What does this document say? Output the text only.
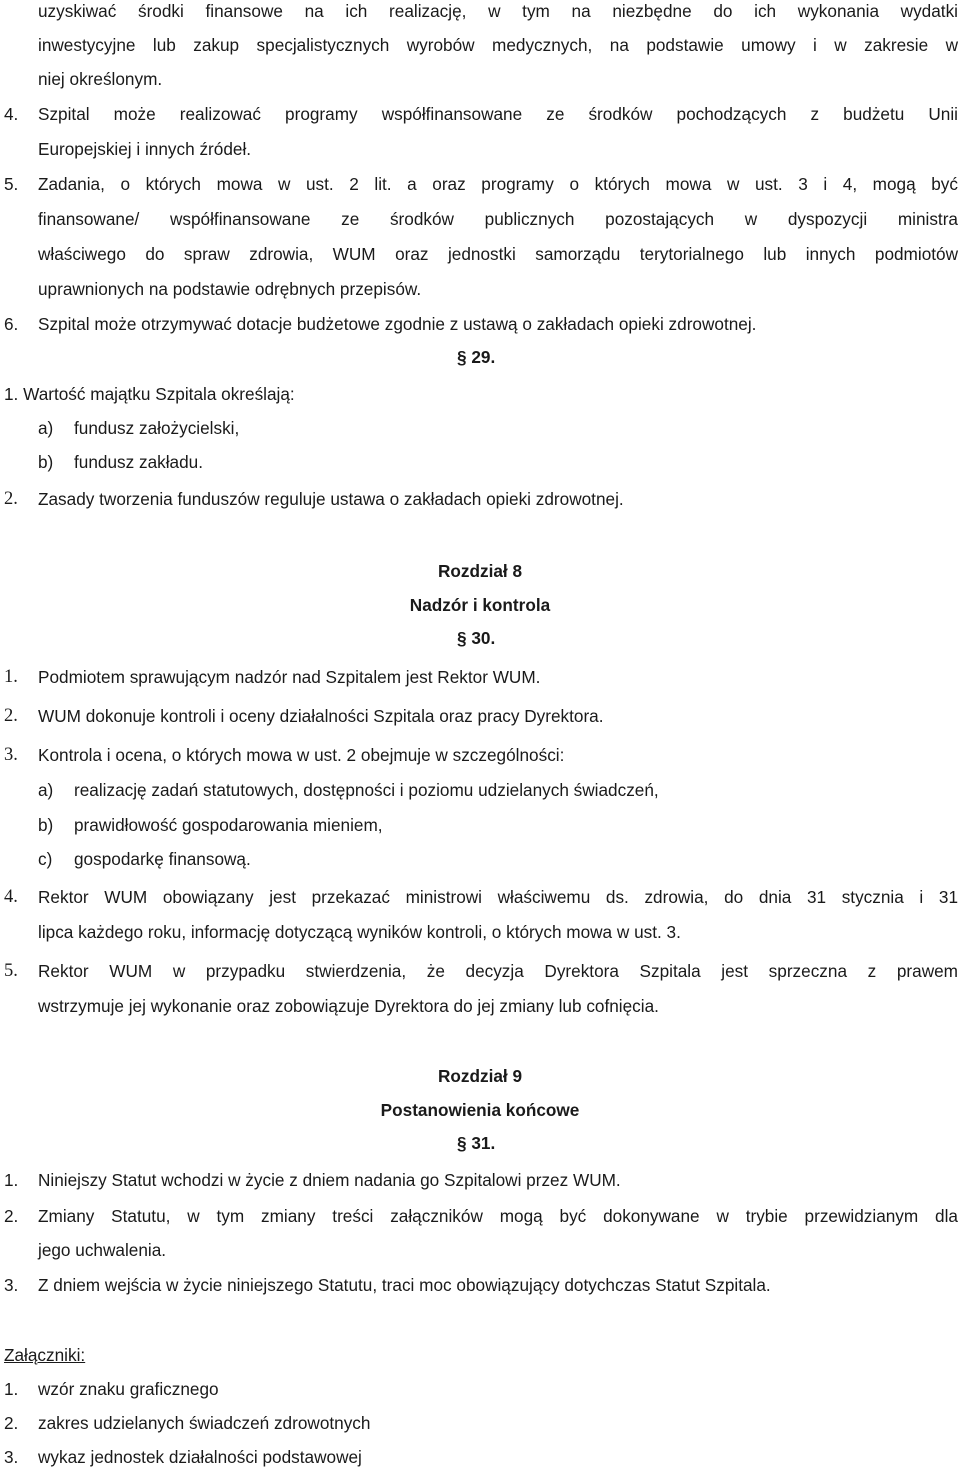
uzyskiwać środki finansowe na ich realizację, w tym na niezbędne do ich wykonania wydatki
inwestycyjne lub zakup specjalistycznych wyrobów medycznych, na podstawie umowy i w zakresie w
niej określonym.
4. Szpital może realizować programy współfinansowane ze środków pochodzących z budżetu Unii
Europejskiej i innych źródeł.
5. Zadania, o których mowa w ust. 2 lit. a oraz programy o których mowa w ust. 3 i 4, mogą być
finansowane/ współfinansowane ze środków publicznych pozostających w dyspozycji ministra
właściwego do spraw zdrowia, WUM oraz jednostki samorządu terytorialnego lub innych podmiotów
uprawnionych na podstawie odrębnych przepisów.
6. Szpital może otrzymywać dotacje budżetowe zgodnie z ustawą o zakładach opieki zdrowotnej.
§ 29.
1. Wartość majątku Szpitala określają:
a) fundusz założycielski,
b) fundusz zakładu.
2. Zasady tworzenia funduszów reguluje ustawa o zakładach opieki zdrowotnej.
Rozdział 8
Nadzór i kontrola
§ 30.
1. Podmiotem sprawującym nadzór nad Szpitalem jest Rektor WUM.
2. WUM dokonuje kontroli i oceny działalności Szpitala oraz pracy Dyrektora.
3. Kontrola i ocena, o których mowa w ust. 2 obejmuje w szczególności:
a) realizację zadań statutowych, dostępności i poziomu udzielanych świadczeń,
b) prawidłowość gospodarowania mieniem,
c) gospodarkę finansową.
4. Rektor WUM obowiązany jest przekazać ministrowi właściwemu ds. zdrowia, do dnia 31 stycznia i 31
lipca każdego roku, informację dotyczącą wyników kontroli, o których mowa w ust. 3.
5. Rektor WUM w przypadku stwierdzenia, że decyzja Dyrektora Szpitala jest sprzeczna z prawem
wstrzymuje jej wykonanie oraz zobowiązuje Dyrektora do jej zmiany lub cofnięcia.
Rozdział 9
Postanowienia końcowe
§ 31.
1. Niniejszy Statut wchodzi w życie z dniem nadania go Szpitalowi przez WUM.
2. Zmiany Statutu, w tym zmiany treści załączników mogą być dokonywane w trybie przewidzianym dla
jego uchwalenia.
3. Z dniem wejścia w życie niniejszego Statutu, traci moc obowiązujący dotychczas Statut Szpitala.
Załączniki:
1. wzór znaku graficznego
2. zakres udzielanych świadczeń zdrowotnych
3. wykaz jednostek działalności podstawowej
